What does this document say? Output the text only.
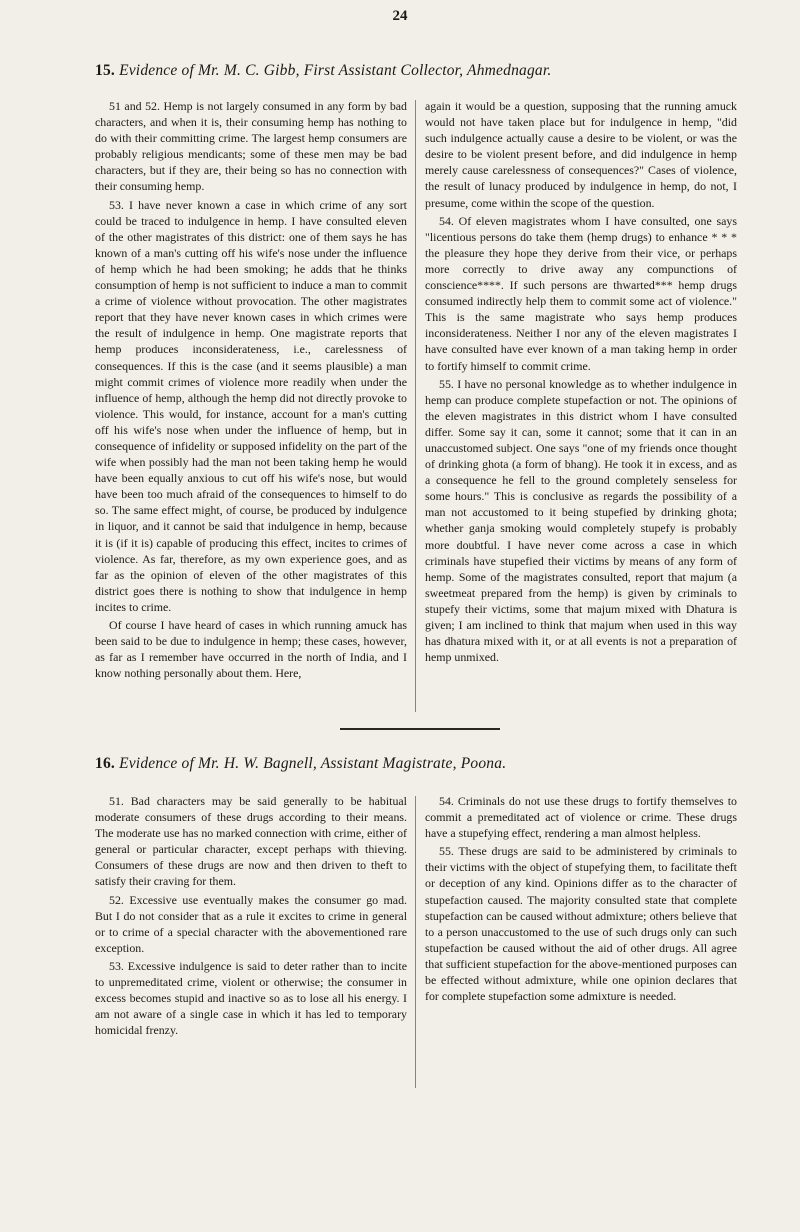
24
15. Evidence of Mr. M. C. Gibb, First Assistant Collector, Ahmednagar.

51 and 52. Hemp is not largely consumed in any form by bad characters, and when it is, their consuming hemp has nothing to do with their committing crime. The largest hemp consumers are probably religious mendicants; some of these men may be bad characters, but if they are, their being so has no connection with their consuming hemp.

53. I have never known a case in which crime of any sort could be traced to indulgence in hemp. I have consulted eleven of the other magistrates of this district: one of them says he has known of a man's cutting off his wife's nose under the influence of hemp which he had been smoking; he adds that he thinks consumption of hemp is not sufficient to induce a man to commit a crime of violence without provocation. The other magistrates report that they have never known cases in which crimes were the result of indulgence in hemp. One magistrate reports that hemp produces inconsiderateness, i.e., carelessness of consequences. If this is the case (and it seems plausible) a man might commit crimes of violence more readily when under the influence of hemp, although the hemp did not directly provoke to violence. This would, for instance, account for a man's cutting off his wife's nose when under the influence of hemp, but in consequence of infidelity or supposed infidelity on the part of the wife when possibly had the man not been taking hemp he would have been equally anxious to cut off his wife's nose, but would have been too much afraid of the consequences to himself to do so. The same effect might, of course, be produced by indulgence in liquor, and it cannot be said that indulgence in hemp, because it is (if it is) capable of producing this effect, incites to crimes of violence. As far, therefore, as my own experience goes, and as far as the opinion of eleven of the other magistrates of this district goes there is nothing to show that indulgence in hemp incites to crime.

Of course I have heard of cases in which running amuck has been said to be due to indulgence in hemp; these cases, however, as far as I remember have occurred in the north of India, and I know nothing personally about them. Here,

again it would be a question, supposing that the running amuck would not have taken place but for indulgence in hemp, "did such indulgence actually cause a desire to be violent, or was the desire to be violent present before, and did indulgence in hemp merely cause carelessness of consequences?" Cases of violence, the result of lunacy produced by indulgence in hemp, do not, I presume, come within the scope of the question.

54. Of eleven magistrates whom I have consulted, one says "licentious persons do take them (hemp drugs) to enhance * * * the pleasure they hope they derive from their vice, or perhaps more correctly to drive away any compunctions of conscience****. If such persons are thwarted*** hemp drugs consumed indirectly help them to commit some act of violence." This is the same magistrate who says hemp produces inconsiderateness. Neither I nor any of the eleven magistrates I have consulted have ever known of a man taking hemp in order to fortify himself to commit crime.

55. I have no personal knowledge as to whether indulgence in hemp can produce complete stupefaction or not. The opinions of the eleven magistrates in this district whom I have consulted differ. Some say it can, some it cannot; some that it can in an unaccustomed subject. One says "one of my friends once thought of drinking ghota (a form of bhang). He took it in excess, and as a consequence he fell to the ground completely senseless for some hours." This is conclusive as regards the possibility of a man not accustomed to it being stupefied by drinking ghota; whether ganja smoking would completely stupefy is probably more doubtful. I have never come across a case in which criminals have stupefied their victims by means of any form of hemp. Some of the magistrates consulted, report that majum (a sweetmeat prepared from the hemp) is given by criminals to stupefy their victims, some that majum mixed with Dhatura is given; I am inclined to think that majum when used in this way has dhatura mixed with it, or at all events is not a preparation of hemp unmixed.

16. Evidence of Mr. H. W. Bagnell, Assistant Magistrate, Poona.

51. Bad characters may be said generally to be habitual moderate consumers of these drugs according to their means. The moderate use has no marked connection with crime, either of general or particular character, except perhaps with thieving. Consumers of these drugs are now and then driven to theft to satisfy their craving for them.

52. Excessive use eventually makes the consumer go mad. But I do not consider that as a rule it excites to crime in general or to crime of a special character with the abovementioned rare exception.

53. Excessive indulgence is said to deter rather than to incite to unpremeditated crime, violent or otherwise; the consumer in excess becomes stupid and inactive so as to lose all his energy. I am not aware of a single case in which it has led to temporary homicidal frenzy.

54. Criminals do not use these drugs to fortify themselves to commit a premeditated act of violence or crime. These drugs have a stupefying effect, rendering a man almost helpless.

55. These drugs are said to be administered by criminals to their victims with the object of stupefying them, to facilitate theft or deception of any kind. Opinions differ as to the character of stupefaction caused. The majority consulted state that complete stupefaction can be caused without admixture; others believe that to a person unaccustomed to the use of such drugs only can such stupefaction be caused without the aid of other drugs. All agree that sufficient stupefaction for the above-mentioned purposes can be effected without admixture, while one opinion declares that for complete stupefaction some admixture is needed.
